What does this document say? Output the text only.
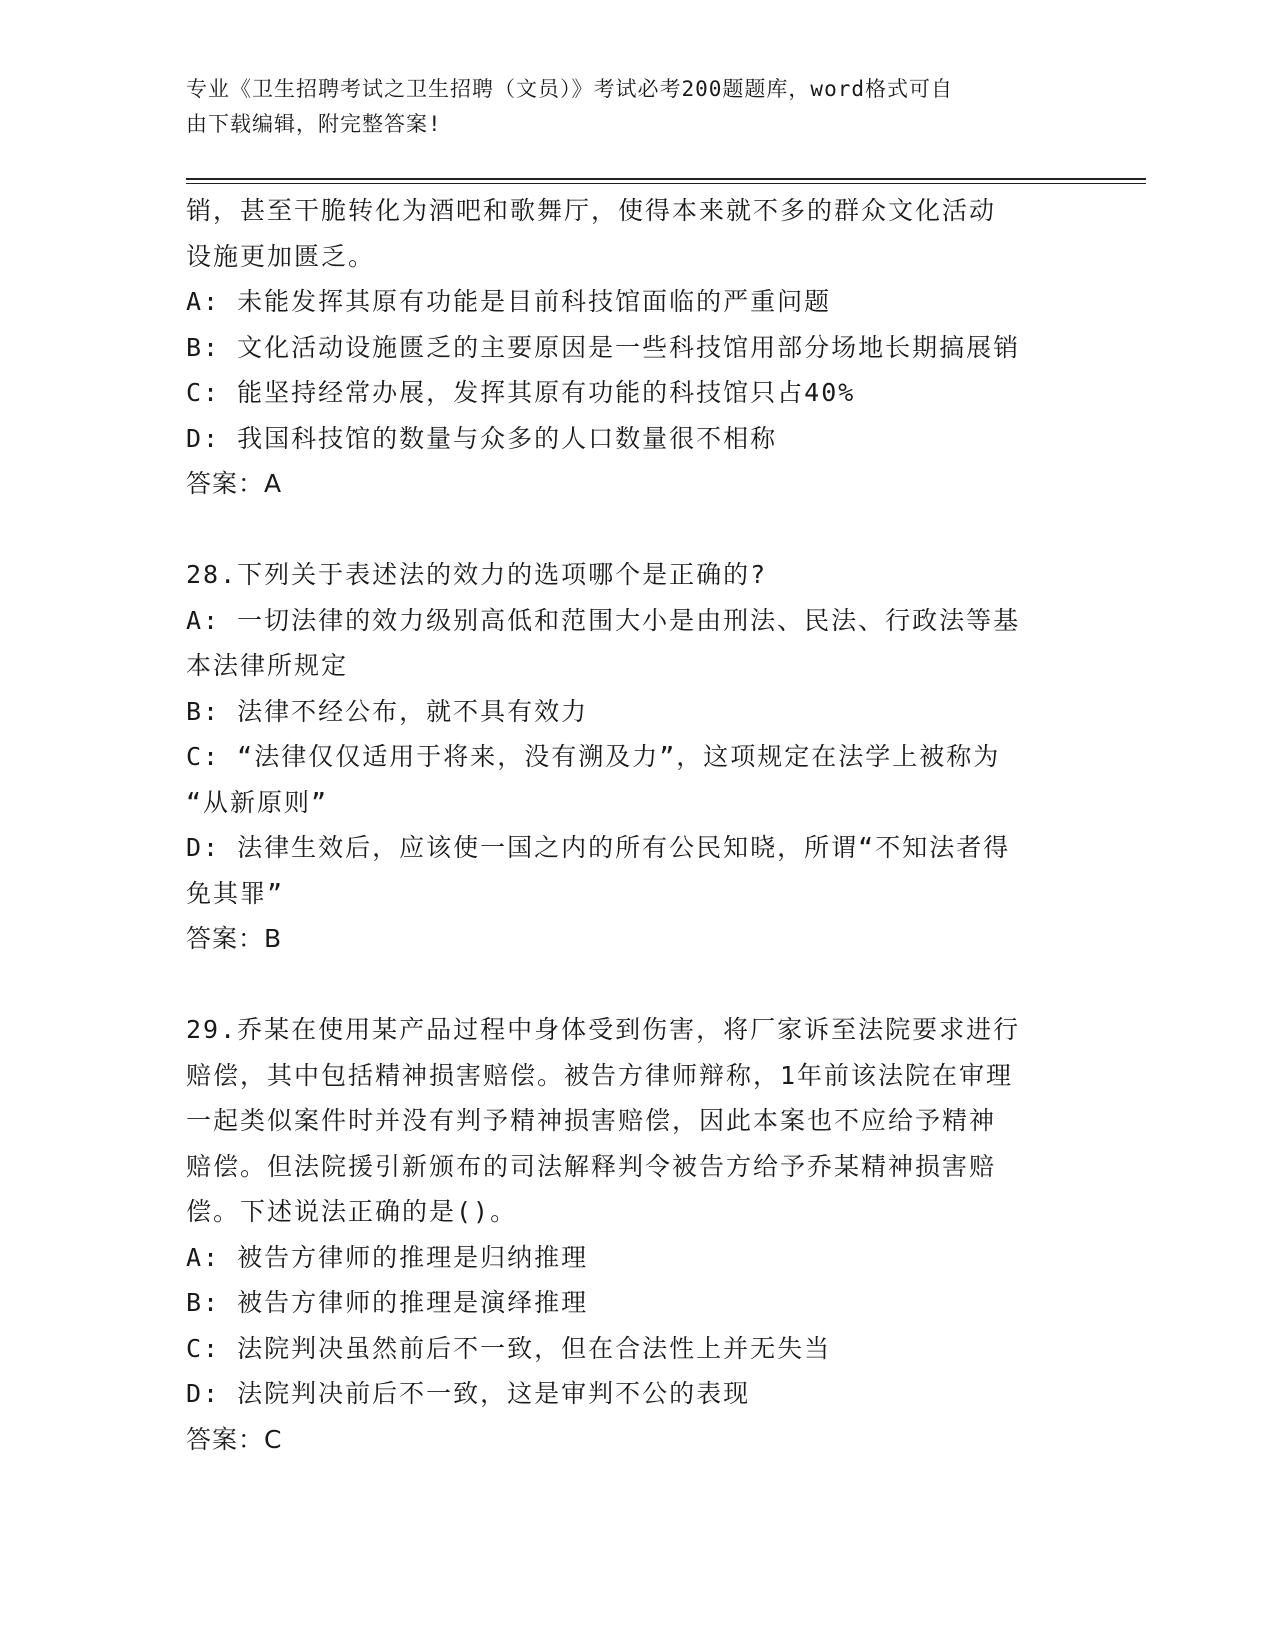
专业《卫生招聘考试之卫生招聘（文员）》考试必考200题题库，word格式可自
由下载编辑，附完整答案!
销，甚至干脆转化为酒吧和歌舞厅，使得本来就不多的群众文化活动
设施更加匮乏。
A: 未能发挥其原有功能是目前科技馆面临的严重问题
B: 文化活动设施匮乏的主要原因是一些科技馆用部分场地长期搞展销
C: 能坚持经常办展，发挥其原有功能的科技馆只占40%
D: 我国科技馆的数量与众多的人口数量很不相称
答案：A
28.下列关于表述法的效力的选项哪个是正确的?
A: 一切法律的效力级别高低和范围大小是由刑法、民法、行政法等基
本法律所规定
B: 法律不经公布，就不具有效力
C: “法律仅仅适用于将来，没有溯及力”，这项规定在法学上被称为
“从新原则”
D: 法律生效后，应该使一国之内的所有公民知晓，所谓“不知法者得
免其罪”
答案：B
29.乔某在使用某产品过程中身体受到伤害，将厂家诉至法院要求进行
赔偿，其中包括精神损害赔偿。被告方律师辩称，1年前该法院在审理
一起类似案件时并没有判予精神损害赔偿，因此本案也不应给予精神
赔偿。但法院援引新颁布的司法解释判令被告方给予乔某精神损害赔
偿。下述说法正确的是()。
A: 被告方律师的推理是归纳推理
B: 被告方律师的推理是演绎推理
C: 法院判决虽然前后不一致，但在合法性上并无失当
D: 法院判决前后不一致，这是审判不公的表现
答案：C
